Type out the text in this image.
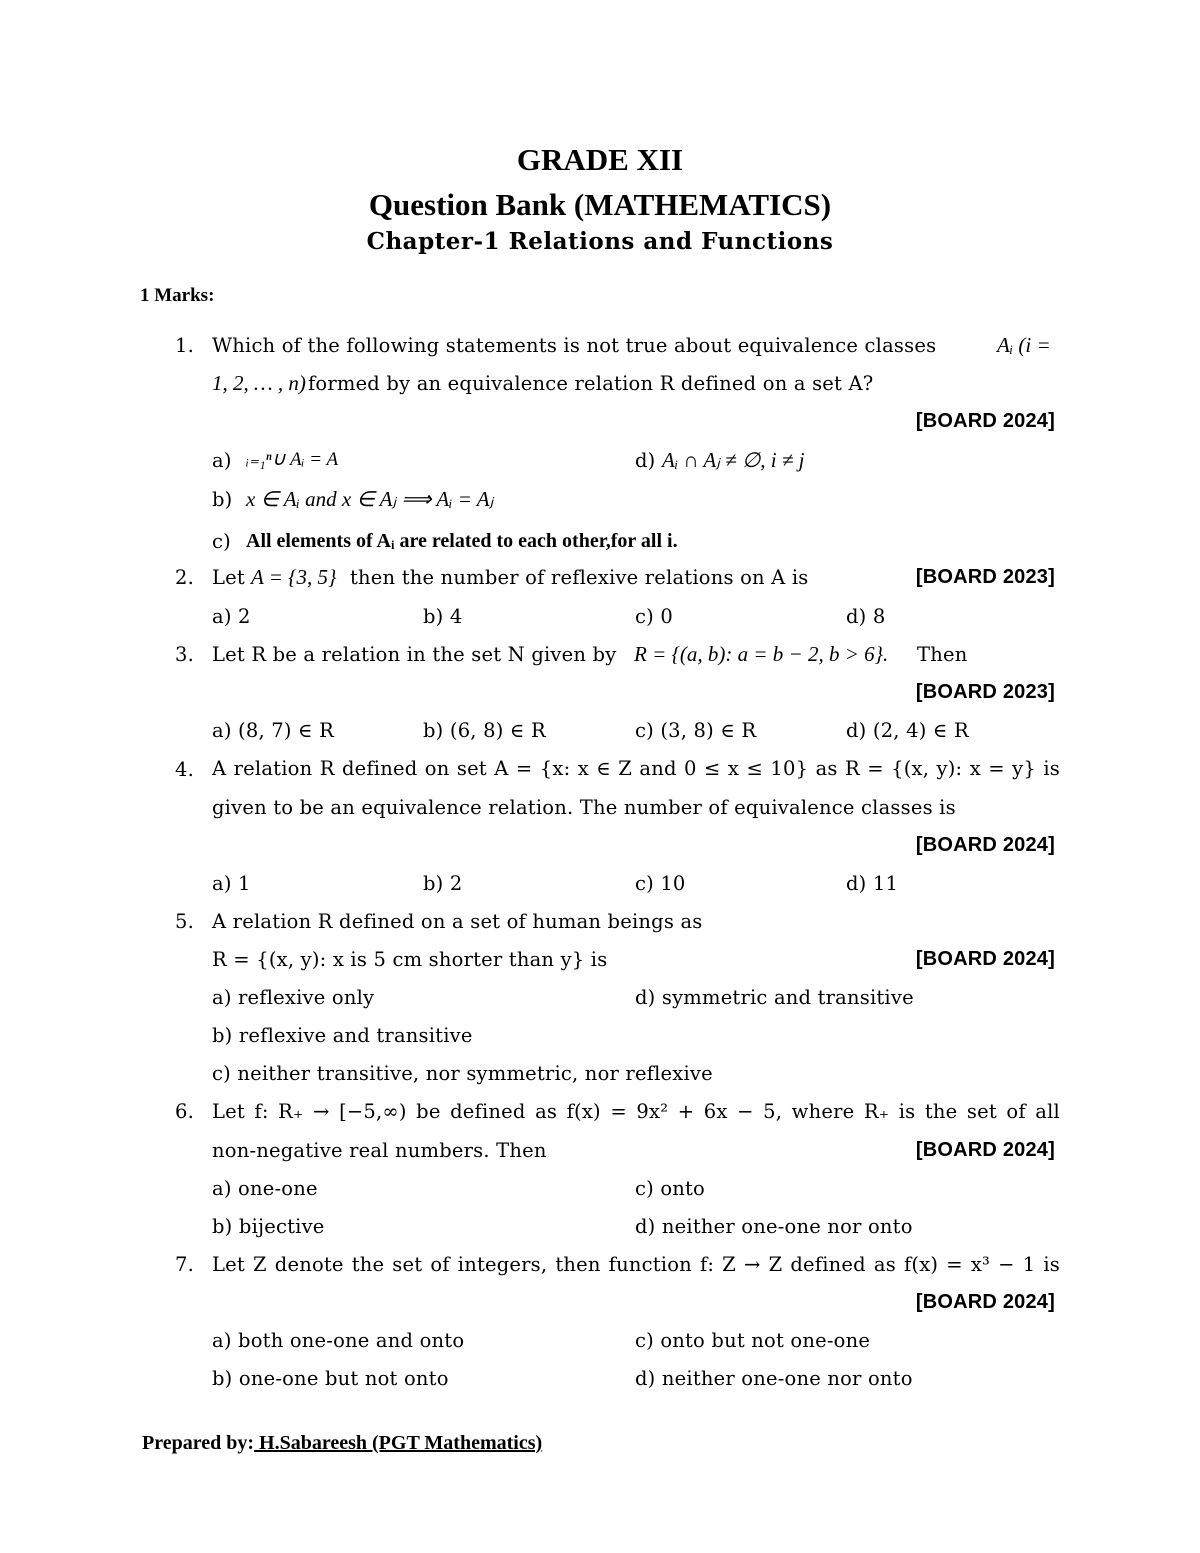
GRADE XII
Question Bank (MATHEMATICS)
Chapter-1 Relations and Functions
1 Marks:
1. Which of the following statements is not true about equivalence classes	Aᵢ (i =
1, 2, … , n) formed by an equivalence relation R defined on a set A?
[BOARD 2024]
a) ᵢ₌₁ⁿ∪ Aᵢ = A	d) Aᵢ ∩ Aⱼ ≠ ∅, i ≠ j
b) x ∈ Aᵢ and x ∈ Aⱼ ⟹ Aᵢ = Aⱼ
c) All elements of Aᵢ are related to each other,for all i.
2. Let A = {3, 5} then the number of reflexive relations on A is	[BOARD 2023]
a) 2	b) 4	c) 0	d) 8
3. Let R be a relation in the set N given by R = {(a, b): a = b − 2, b > 6}. Then
[BOARD 2023]
a) (8, 7) ∈ R	b) (6, 8) ∈ R	c) (3, 8) ∈ R	d) (2, 4) ∈ R
4. A relation R defined on set A = {x: x ∈ Z and 0 ≤ x ≤ 10} as R = {(x, y): x = y} is
given to be an equivalence relation. The number of equivalence classes is
[BOARD 2024]
a) 1	b) 2	c) 10	d) 11
5. A relation R defined on a set of human beings as
R = {(x, y): x is 5 cm shorter than y} is	[BOARD 2024]
a) reflexive only	d) symmetric and transitive
b) reflexive and transitive
c) neither transitive, nor symmetric, nor reflexive
6. Let f: R₊ → [−5,∞) be defined as f(x) = 9x² + 6x − 5, where R₊ is the set of all
non-negative real numbers. Then	[BOARD 2024]
a) one-one	c) onto
b) bijective	d) neither one-one nor onto
7. Let Z denote the set of integers, then function f: Z → Z defined as f(x) = x³ − 1 is
[BOARD 2024]
a) both one-one and onto	c) onto but not one-one
b) one-one but not onto	d) neither one-one nor onto
Prepared by: H.Sabareesh (PGT Mathematics)
